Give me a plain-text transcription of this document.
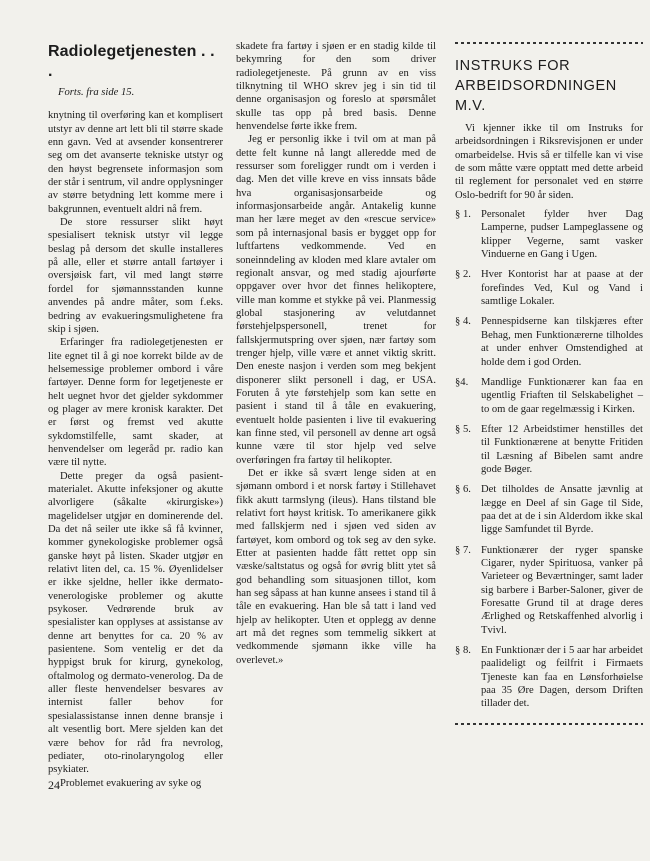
Radiolegetjenesten . . .
Forts. fra side 15.

knytning til overføring kan et komplisert utstyr av denne art lett bli til større skade enn gavn. Ved at avsender konsentrerer seg om det avanserte tekniske utstyr og den høyst begrensete informasjon som der står i sentrum, vil andre opplysninger av større betydning lett komme mere i bakgrunnen, eventuelt aldri nå frem.

De store ressurser slikt høyt spesialisert teknisk utstyr vil legge beslag på dersom det skulle installeres på alle, eller et større antall fartøyer i oversjøisk fart, vil med langt større fordel for sjømannsstanden kunne anvendes på andre måter, som f.eks. bedring av evakueringsmulighetene fra skip i sjøen.

Erfaringer fra radiolegetjenesten er lite egnet til å gi noe korrekt bilde av de helsemessige problemer ombord i våre fartøyer. Denne form for legetjeneste er helt uegnet hvor det gjelder sykdommer og plager av mere kronisk karakter. Det er først og fremst ved akutte sykdomstilfelle, samt skader, at henvendelser om legeråd pr. radio kan være til nytte.

Dette preger da også pasient-materialet. Akutte infeksjoner og akutte alvorligere (såkalte «kirurgiske») magelidelser utgjør en dominerende del. Da det nå seiler ute ikke så få kvinner, kommer gynekologiske problemer også ganske høyt på listen. Skader utgjør en relativt liten del, ca. 15 %. Øyenlidelser er ikke sjeldne, heller ikke dermato-venerologiske problemer og akutte psykoser. Vedrørende bruk av spesialister kan opplyses at assistanse av denne art benyttes for ca. 20 % av pasientene. Som ventelig er det da hyppigst bruk for kirurg, gynekolog, oftalmolog og dermato-venerolog. Da de aller fleste henvendelser besvares av internist faller behov for spesialassistanse innen denne bransje i alt vesentlig bort. Mere sjelden kan det være behov for råd fra nevrolog, pediater, oto-rinolaryngolog eller psykiater.

Problemet evakuering av syke og

skadete fra fartøy i sjøen er en stadig kilde til bekymring for den som driver radiolegetjeneste. På grunn av en viss tilknytning til WHO skrev jeg i sin tid til denne organisasjon og foreslo at spørsmålet skulle tas opp på bred basis. Denne henvendelse førte ikke frem.

Jeg er personlig ikke i tvil om at man på dette felt kunne nå langt alleredde med de ressurser som foreligger rundt om i verden i dag. Men det ville kreve en viss innsats både hva organisasjonsarbeide og informasjonsarbeide angår. Antakelig kunne man her lære meget av den «rescue service» som på internasjonal basis er bygget opp for luftfartens vedkommende. Ved en soneinndeling av kloden med klare avtaler om regionalt ansvar, og med stadig ajourførte oppgaver over hvor det finnes helikoptere, ville man komme et stykke på vei. Planmessig global stasjonering av velutdannet førstehjelpspersonell, trenet for fallskjermutspring over sjøen, nær fartøy som trenger hjelp, ville være et annet viktig skritt. Den eneste nasjon i verden som meg bekjent disponerer slikt personell i dag, er USA. Foruten å yte førstehjelp som kan sette en pasient i stand til å tåle en evakuering, eventuelt holde pasienten i live til evakuering kan finne sted, vil personell av denne art også kunne være til stor hjelp ved selve overføringen fra fartøy til helikopter.

Det er ikke så svært lenge siden at en sjømann ombord i et norsk fartøy i Stillehavet fikk akutt tarmslyng (ileus). Hans tilstand ble relativt fort høyst kritisk. To amerikanere gikk med fallskjerm ned i sjøen ved siden av fartøyet, kom ombord og tok seg av den syke. Etter at pasienten hadde fått rettet opp sin væske/saltstatus og også for øvrig blitt ytet så god behandling som situasjonen tillot, kom han seg såpass at han kunne ansees i stand til å tåle en evakuering. Han ble så tatt i land ved hjelp av helikopter. Uten et opplegg av denne art må det regnes som temmelig sikkert at vedkommende sjømann ikke ville ha overlevet.»

INSTRUKS FOR ARBEIDSORDNINGEN M.V.

Vi kjenner ikke til om Instruks for arbeidsordningen i Riksrevisjonen er under omarbeidelse. Hvis så er tilfelle kan vi vise de som måtte være opptatt med dette arbeid til reglement for personalet ved en større Oslo-bedrift for 90 år siden.

§ 1. Personalet fylder hver Dag Lamperne, pudser Lampeglassene og klipper Vegerne, samt vasker Vinduerne en Gang i Ugen.
§ 2. Hver Kontorist har at paase at der forefindes Ved, Kul og Vand i samtlige Lokaler.
§ 4. Pennespidserne kan tilskjæres efter Behag, men Funktionærerne tilholdes at under enhver Omstendighed at holde dem i god Orden.
§4. Mandlige Funktionærer kan faa en ugentlig Friaften til Selskabelighet – to om de gaar regelmæssig i Kirken.
§ 5. Efter 12 Arbeidstimer henstilles det til Funktionærene at benytte Fritiden til Læsning af Bibelen samt andre gode Bøger.
§ 6. Det tilholdes de Ansatte jævnlig at lægge en Deel af sin Gage til Side, paa det at de i sin Alderdom ikke skal ligge Samfundet til Byrde.
§ 7. Funktionærer der ryger spanske Cigarer, nyder Spirituosa, vanker på Varieteer og Beværtninger, samt lader sig barbere i Barber-Saloner, giver de Foresatte Grund til at drage deres Ærlighed og Retskaffenhed alvorlig i Tvivl.
§ 8. En Funktionær der i 5 aar har arbeidet paalideligt og feilfrit i Firmaets Tjeneste kan faa en Lønsforhøielse paa 35 Øre Dagen, dersom Driften tillader det.
24
